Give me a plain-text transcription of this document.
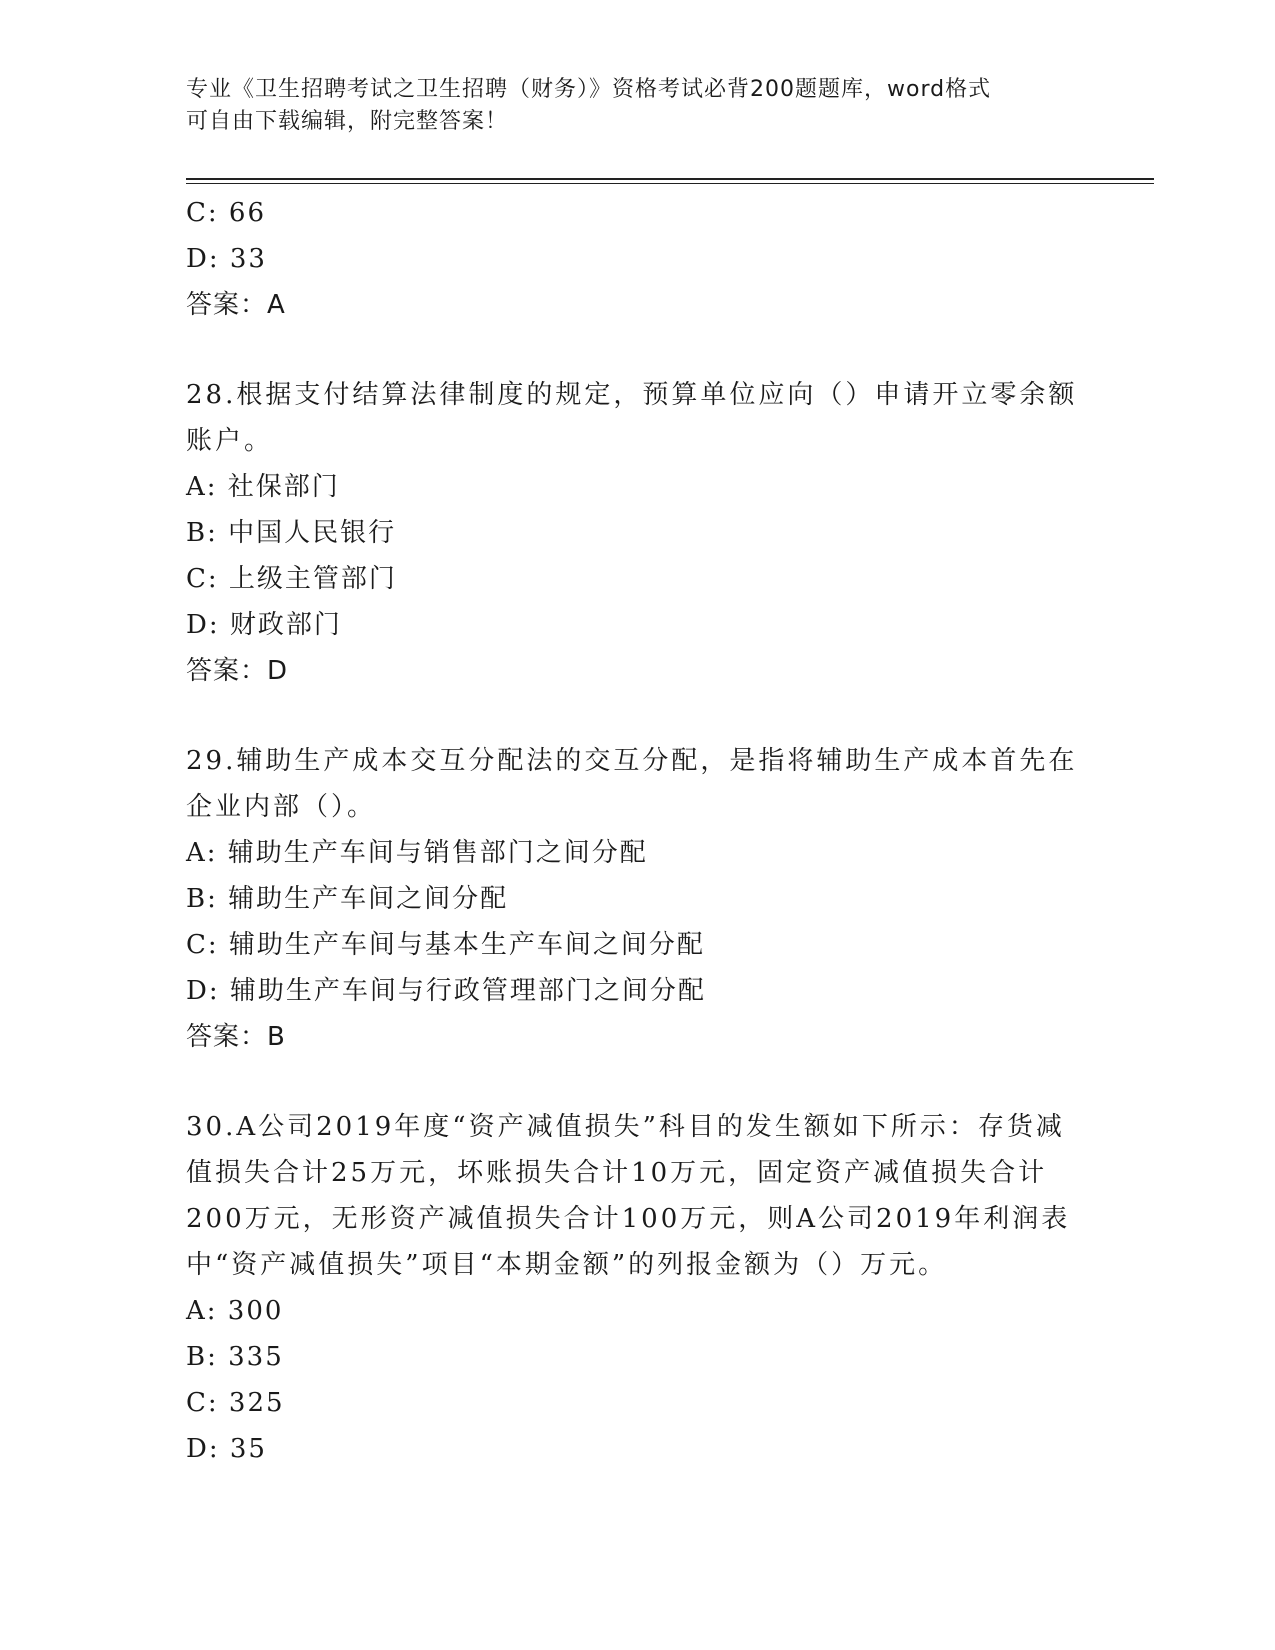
专业《卫生招聘考试之卫生招聘（财务）》资格考试必背200题题库，word格式
可自由下载编辑，附完整答案！
C: 66
D: 33
答案：A
28.根据支付结算法律制度的规定，预算单位应向（）申请开立零余额
账户。
A: 社保部门
B: 中国人民银行
C: 上级主管部门
D: 财政部门
答案：D
29.辅助生产成本交互分配法的交互分配，是指将辅助生产成本首先在
企业内部（）。
A: 辅助生产车间与销售部门之间分配
B: 辅助生产车间之间分配
C: 辅助生产车间与基本生产车间之间分配
D: 辅助生产车间与行政管理部门之间分配
答案：B
30.A公司2019年度“资产减值损失”科目的发生额如下所示：存货减
值损失合计25万元，坏账损失合计10万元，固定资产减值损失合计
200万元，无形资产减值损失合计100万元，则A公司2019年利润表
中“资产减值损失”项目“本期金额”的列报金额为（）万元。
A: 300
B: 335
C: 325
D: 35
